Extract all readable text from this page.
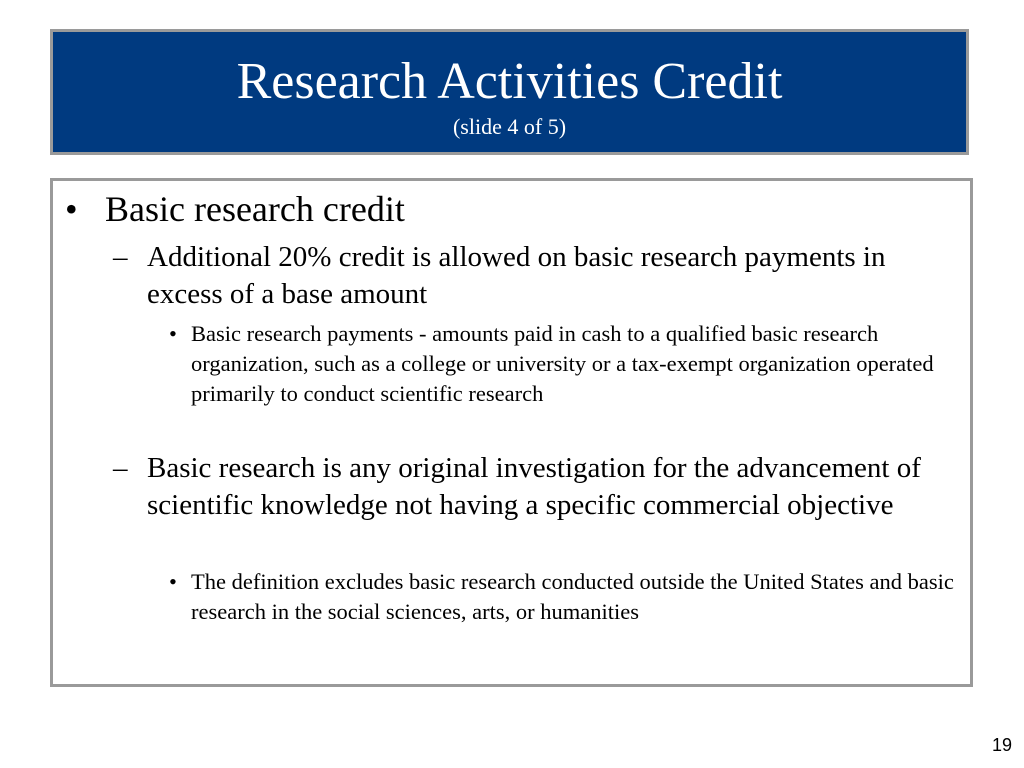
Research Activities Credit
(slide 4 of 5)
• Basic research credit
– Additional 20% credit is allowed on basic research payments in excess of a base amount
• Basic research payments - amounts paid in cash to a qualified basic research organization, such as a college or university or a tax-exempt organization operated primarily to conduct scientific research
– Basic research is any original investigation for the advancement of scientific knowledge not having a specific commercial objective
• The definition excludes basic research conducted outside the United States and basic research in the social sciences, arts, or humanities
19
